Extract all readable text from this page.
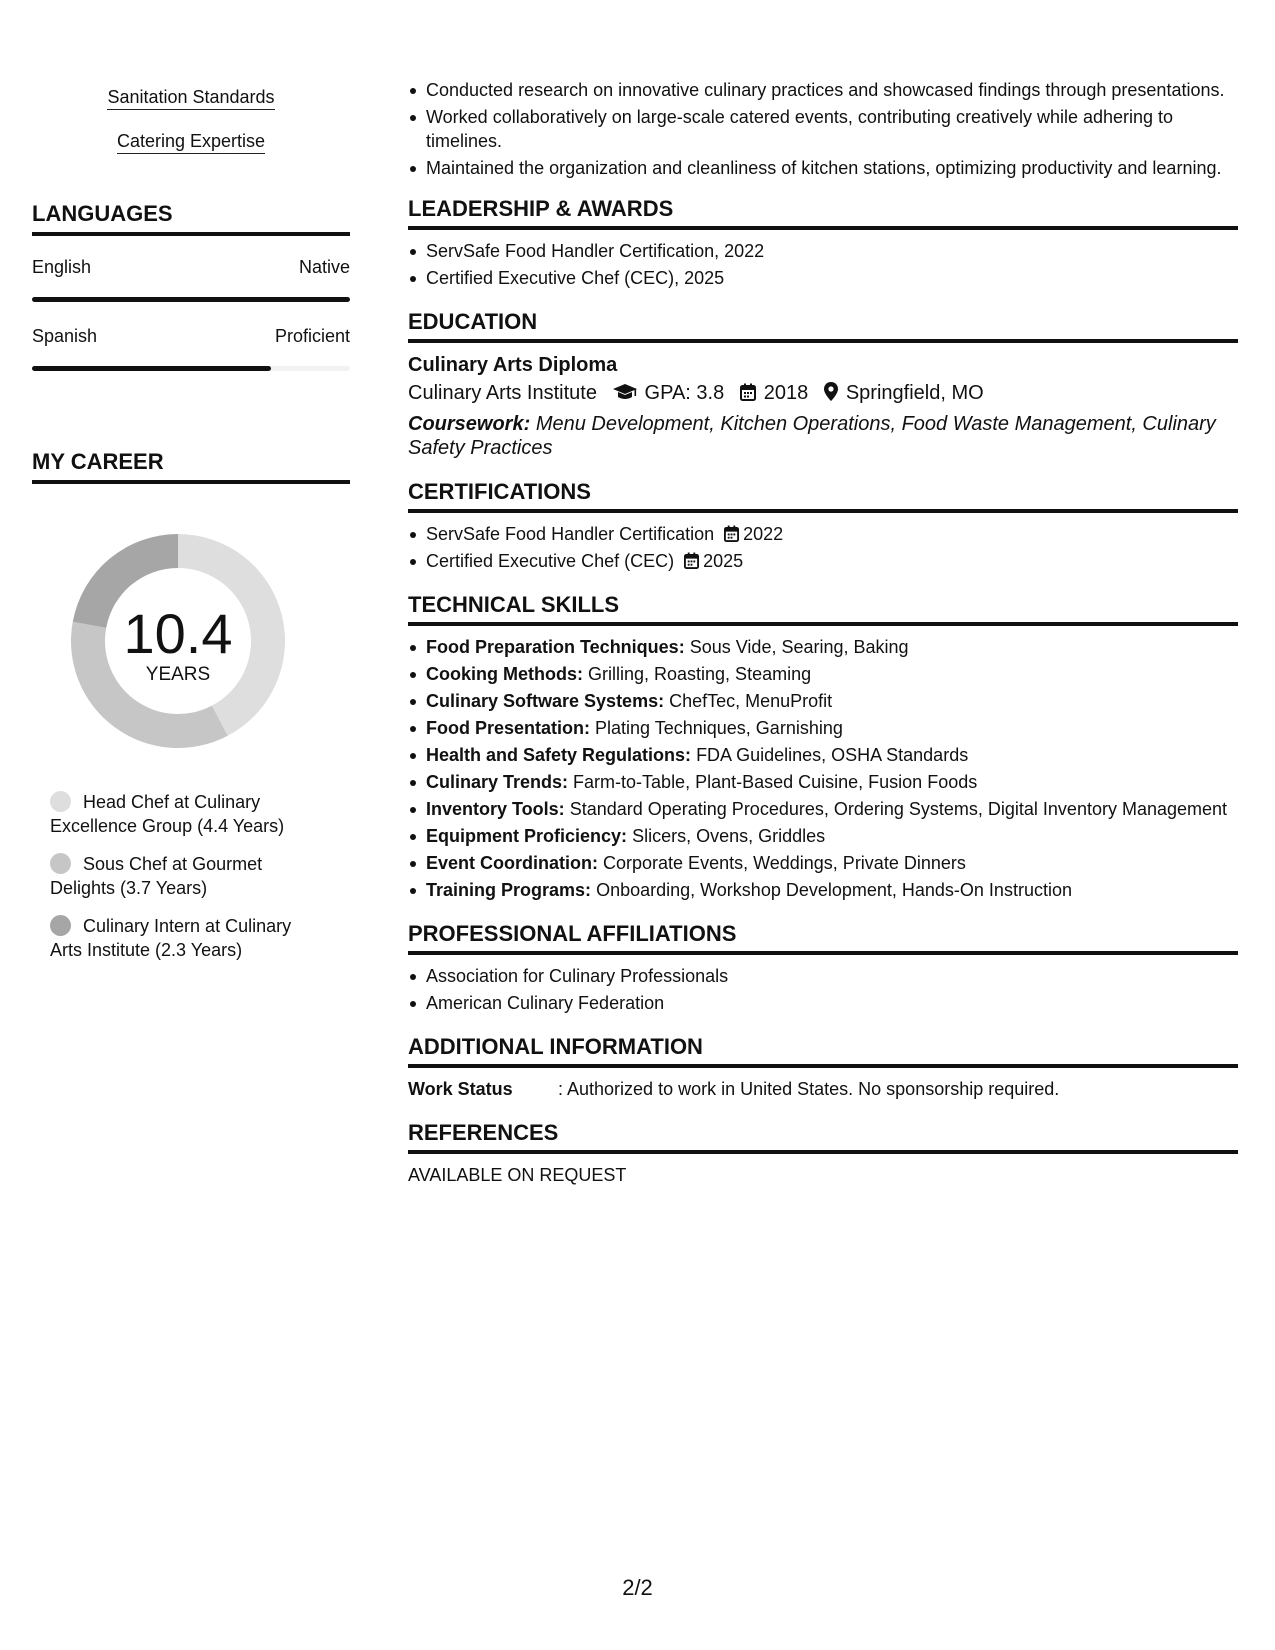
Sanitation Standards
Catering Expertise
LANGUAGES
English	Native
Spanish	Proficient
MY CAREER
10.4
YEARS
Head Chef at Culinary Excellence Group (4.4 Years)
Sous Chef at Gourmet Delights (3.7 Years)
Culinary Intern at Culinary Arts Institute (2.3 Years)
Conducted research on innovative culinary practices and showcased findings through presentations.
Worked collaboratively on large-scale catered events, contributing creatively while adhering to timelines.
Maintained the organization and cleanliness of kitchen stations, optimizing productivity and learning.
LEADERSHIP & AWARDS
ServSafe Food Handler Certification, 2022
Certified Executive Chef (CEC), 2025
EDUCATION
Culinary Arts Diploma
Culinary Arts Institute GPA: 3.8 2018 Springfield, MO
Coursework: Menu Development, Kitchen Operations, Food Waste Management, Culinary Safety Practices
CERTIFICATIONS
ServSafe Food Handler Certification 2022
Certified Executive Chef (CEC) 2025
TECHNICAL SKILLS
Food Preparation Techniques: Sous Vide, Searing, Baking
Cooking Methods: Grilling, Roasting, Steaming
Culinary Software Systems: ChefTec, MenuProfit
Food Presentation: Plating Techniques, Garnishing
Health and Safety Regulations: FDA Guidelines, OSHA Standards
Culinary Trends: Farm-to-Table, Plant-Based Cuisine, Fusion Foods
Inventory Tools: Standard Operating Procedures, Ordering Systems, Digital Inventory Management
Equipment Proficiency: Slicers, Ovens, Griddles
Event Coordination: Corporate Events, Weddings, Private Dinners
Training Programs: Onboarding, Workshop Development, Hands-On Instruction
PROFESSIONAL AFFILIATIONS
Association for Culinary Professionals
American Culinary Federation
ADDITIONAL INFORMATION
Work Status	: Authorized to work in United States. No sponsorship required.
REFERENCES
AVAILABLE ON REQUEST
2/2
